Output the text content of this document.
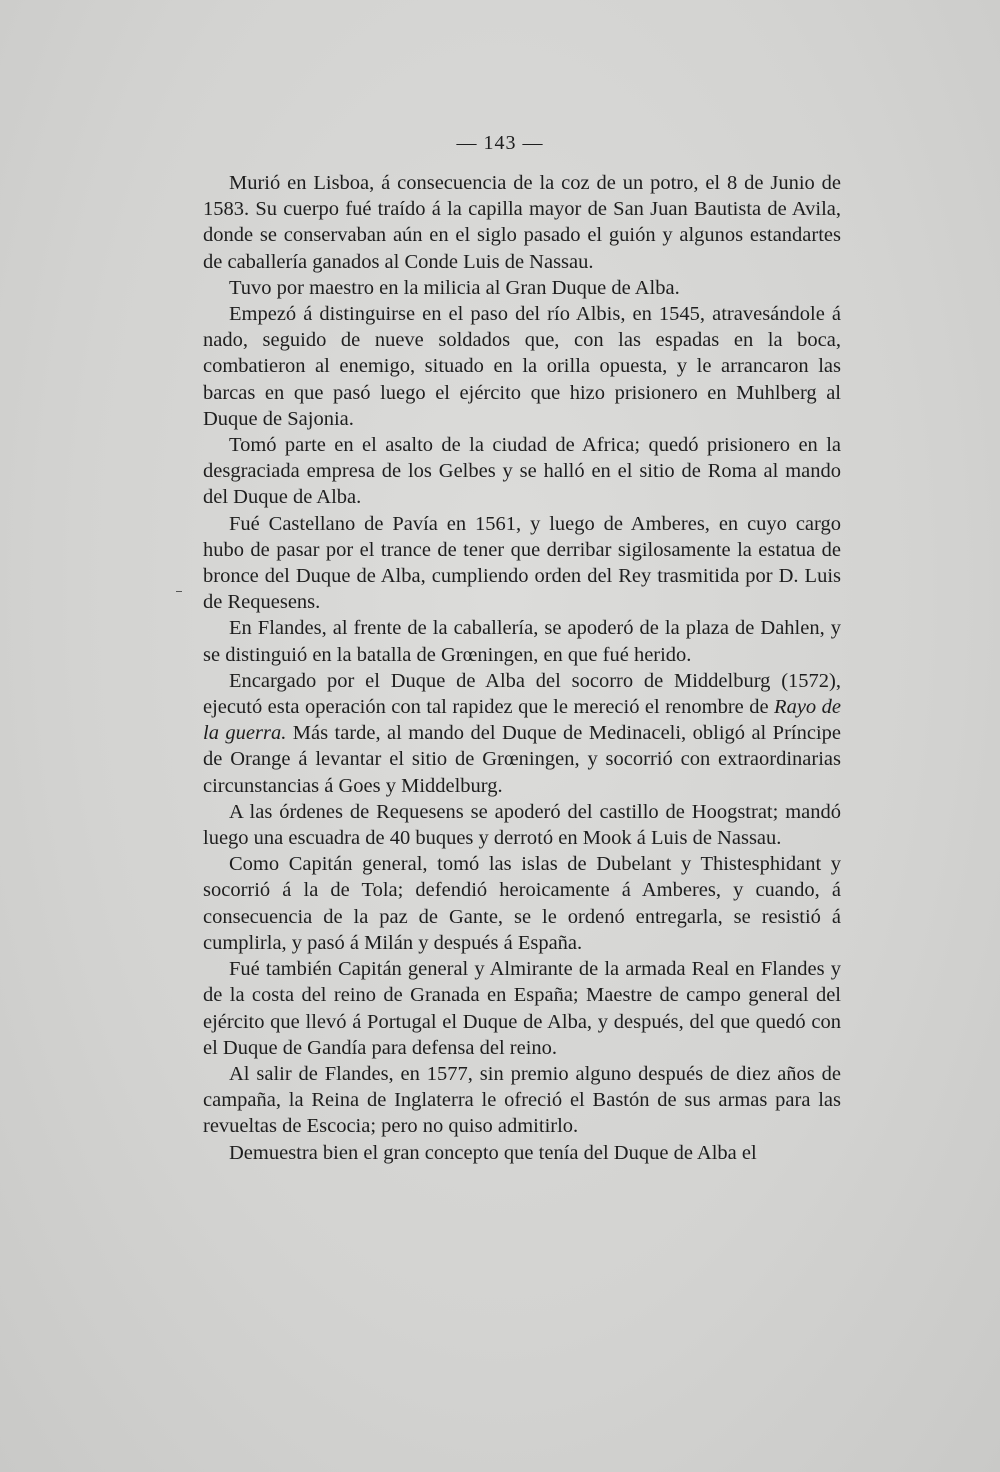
— 143 —

Murió en Lisboa, á consecuencia de la coz de un potro, el 8 de Junio de 1583. Su cuerpo fué traído á la capilla mayor de San Juan Bautista de Avila, donde se conservaban aún en el siglo pasado el guión y algunos estandartes de caballería ganados al Conde Luis de Nassau.

Tuvo por maestro en la milicia al Gran Duque de Alba.

Empezó á distinguirse en el paso del río Albis, en 1545, atravesándole á nado, seguido de nueve soldados que, con las espadas en la boca, combatieron al enemigo, situado en la orilla opuesta, y le arrancaron las barcas en que pasó luego el ejército que hizo prisionero en Muhlberg al Duque de Sajonia.

Tomó parte en el asalto de la ciudad de Africa; quedó prisionero en la desgraciada empresa de los Gelbes y se halló en el sitio de Roma al mando del Duque de Alba.

Fué Castellano de Pavía en 1561, y luego de Amberes, en cuyo cargo hubo de pasar por el trance de tener que derribar sigilosamente la estatua de bronce del Duque de Alba, cumpliendo orden del Rey trasmitida por D. Luis de Requesens.

En Flandes, al frente de la caballería, se apoderó de la plaza de Dahlen, y se distinguió en la batalla de Grœningen, en que fué herido.

Encargado por el Duque de Alba del socorro de Middelburg (1572), ejecutó esta operación con tal rapidez que le mereció el renombre de Rayo de la guerra. Más tarde, al mando del Duque de Medinaceli, obligó al Príncipe de Orange á levantar el sitio de Grœningen, y socorrió con extraordinarias circunstancias á Goes y Middelburg.

A las órdenes de Requesens se apoderó del castillo de Hoogstrat; mandó luego una escuadra de 40 buques y derrotó en Mook á Luis de Nassau.

Como Capitán general, tomó las islas de Dubelant y Thistesphidant y socorrió á la de Tola; defendió heroicamente á Amberes, y cuando, á consecuencia de la paz de Gante, se le ordenó entregarla, se resistió á cumplirla, y pasó á Milán y después á España.

Fué también Capitán general y Almirante de la armada Real en Flandes y de la costa del reino de Granada en España; Maestre de campo general del ejército que llevó á Portugal el Duque de Alba, y después, del que quedó con el Duque de Gandía para defensa del reino.

Al salir de Flandes, en 1577, sin premio alguno después de diez años de campaña, la Reina de Inglaterra le ofreció el Bastón de sus armas para las revueltas de Escocia; pero no quiso admitirlo.

Demuestra bien el gran concepto que tenía del Duque de Alba el
